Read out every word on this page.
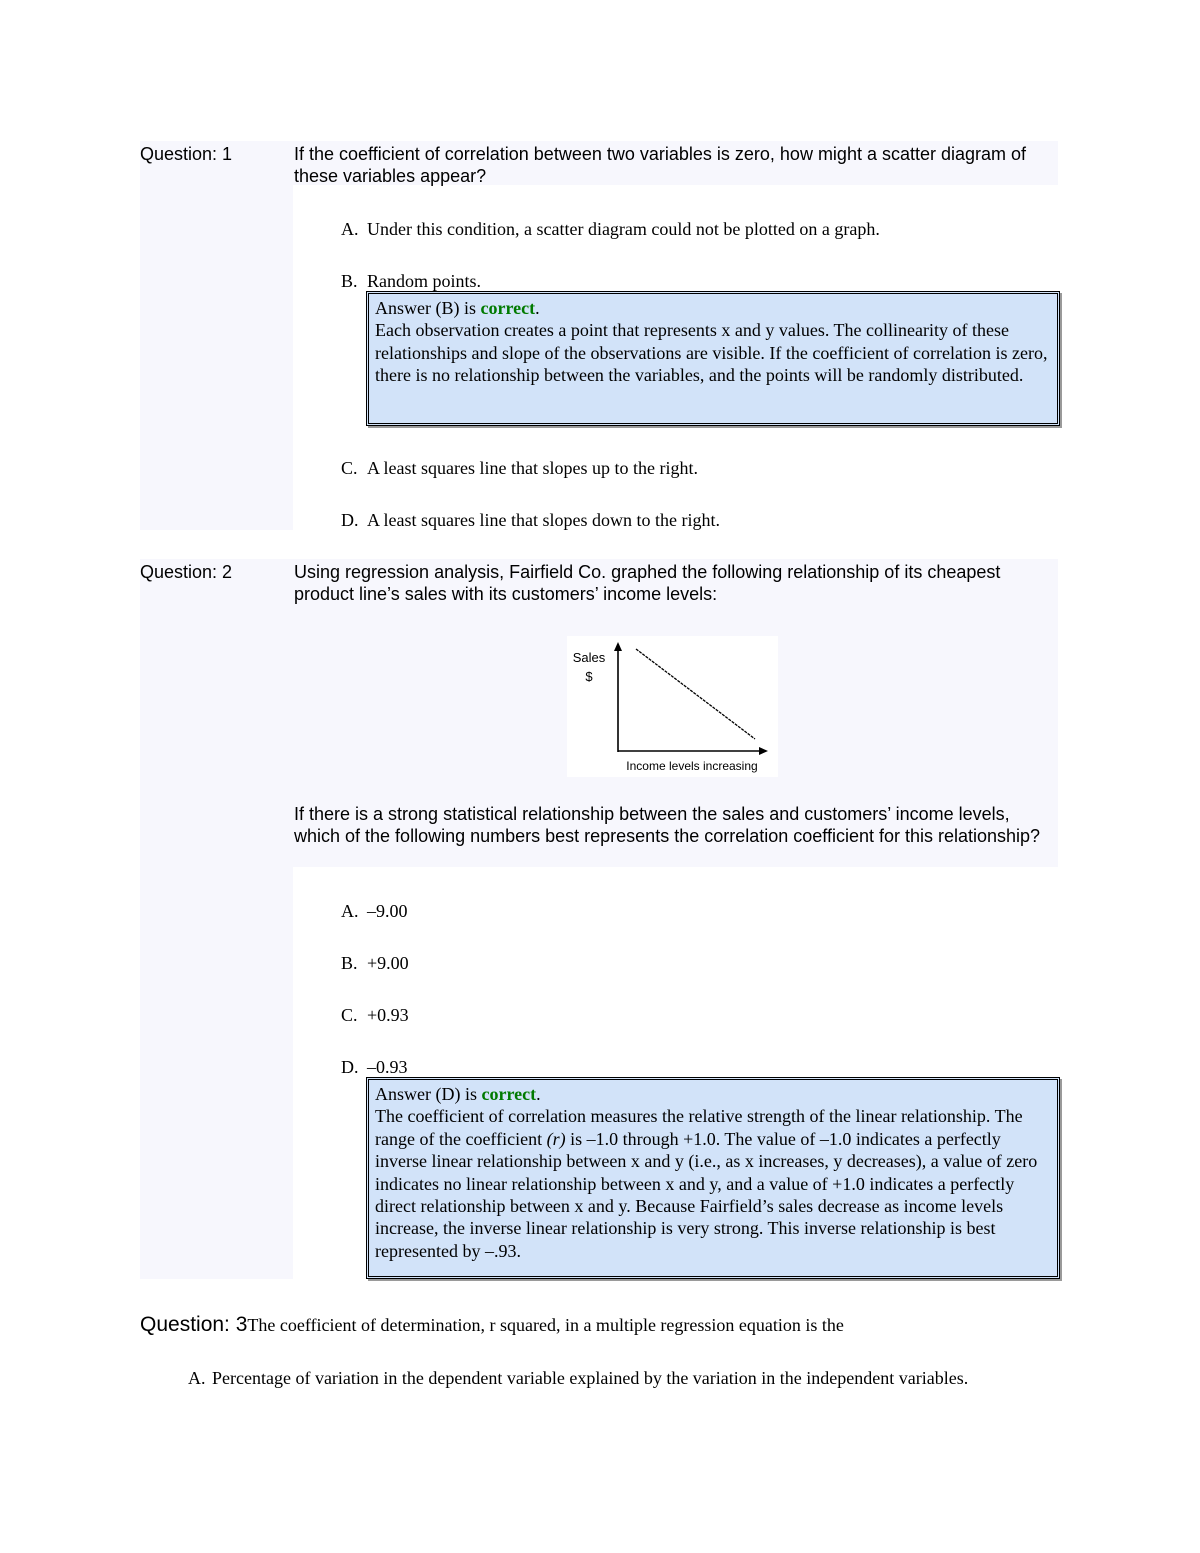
Question: 1	If the coefficient of correlation between two variables is zero, how might a scatter diagram of these variables appear?
A. Under this condition, a scatter diagram could not be plotted on a graph.
B. Random points.
Answer (B) is correct.
Each observation creates a point that represents x and y values. The collinearity of these relationships and slope of the observations are visible. If the coefficient of correlation is zero, there is no relationship between the variables, and the points will be randomly distributed.
C. A least squares line that slopes up to the right.
D. A least squares line that slopes down to the right.
Question: 2	Using regression analysis, Fairfield Co. graphed the following relationship of its cheapest product line’s sales with its customers’ income levels:
Sales
$
Income levels increasing
If there is a strong statistical relationship between the sales and customers’ income levels, which of the following numbers best represents the correlation coefficient for this relationship?
A. –9.00
B. +9.00
C. +0.93
D. –0.93
Answer (D) is correct.
The coefficient of correlation measures the relative strength of the linear relationship. The range of the coefficient (r) is –1.0 through +1.0. The value of –1.0 indicates a perfectly inverse linear relationship between x and y (i.e., as x increases, y decreases), a value of zero indicates no linear relationship between x and y, and a value of +1.0 indicates a perfectly direct relationship between x and y. Because Fairfield’s sales decrease as income levels increase, the inverse linear relationship is very strong. This inverse relationship is best represented by –.93.
Question: 3The coefficient of determination, r squared, in a multiple regression equation is the
A. Percentage of variation in the dependent variable explained by the variation in the independent variables.
